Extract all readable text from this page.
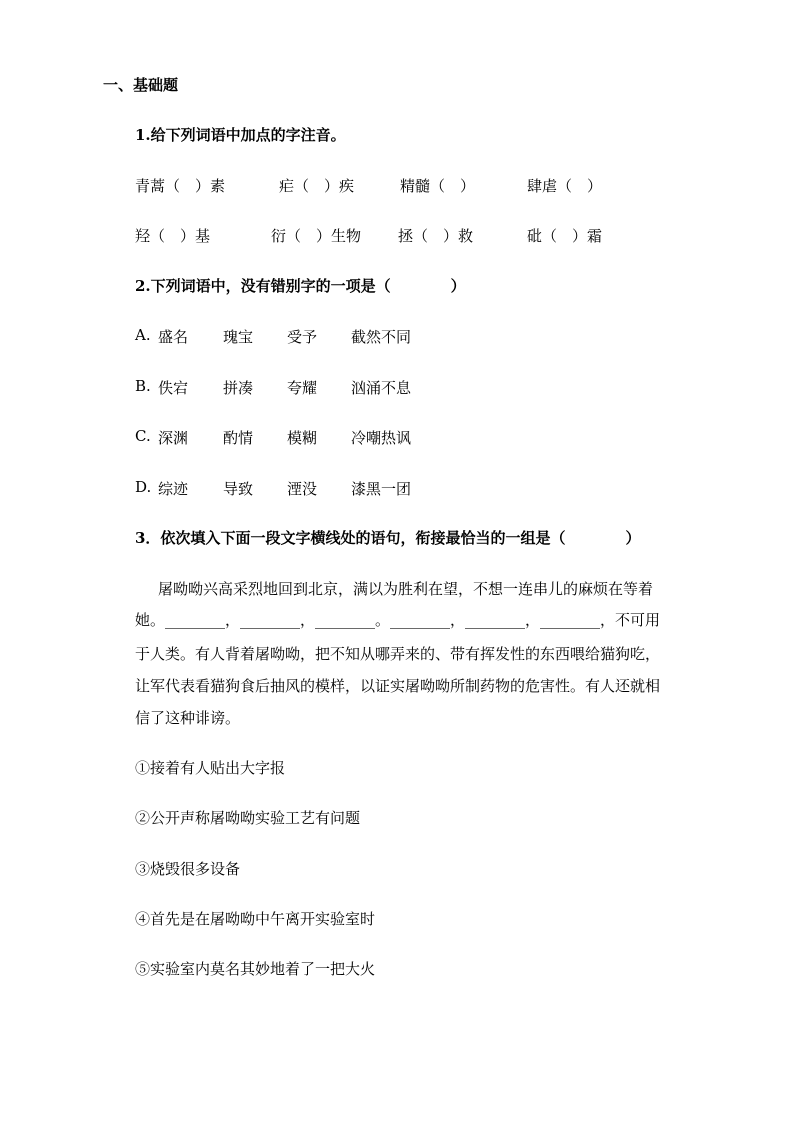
一、基础题
1.给下列词语中加点的字注音。
青蒿（　）素	疟（　）疾	精髓（　）	肆虐（　）
羟（　）基	衍（　）生物 拯（　）救	砒（　）霜
2.下列词语中，没有错别字的一项是（　　　　）
A. 盛名 瑰宝 受予 截然不同
B. 佚宕 拼凑 夸耀 汹涌不息
C. 深渊 酌情 模糊 冷嘲热讽
D. 综迹 导致 湮没 漆黑一团
3．依次填入下面一段文字横线处的语句，衔接最恰当的一组是（　　　　）
屠呦呦兴高采烈地回到北京，满以为胜利在望，不想一连串儿的麻烦在等着
她。________，________，________。________，________，________，不可用
于人类。有人背着屠呦呦，把不知从哪弄来的、带有挥发性的东西喂给猫狗吃，
让军代表看猫狗食后抽风的模样，以证实屠呦呦所制药物的危害性。有人还就相
信了这种诽谤。
①接着有人贴出大字报
②公开声称屠呦呦实验工艺有问题
③烧毁很多设备
④首先是在屠呦呦中午离开实验室时
⑤实验室内莫名其妙地着了一把大火
